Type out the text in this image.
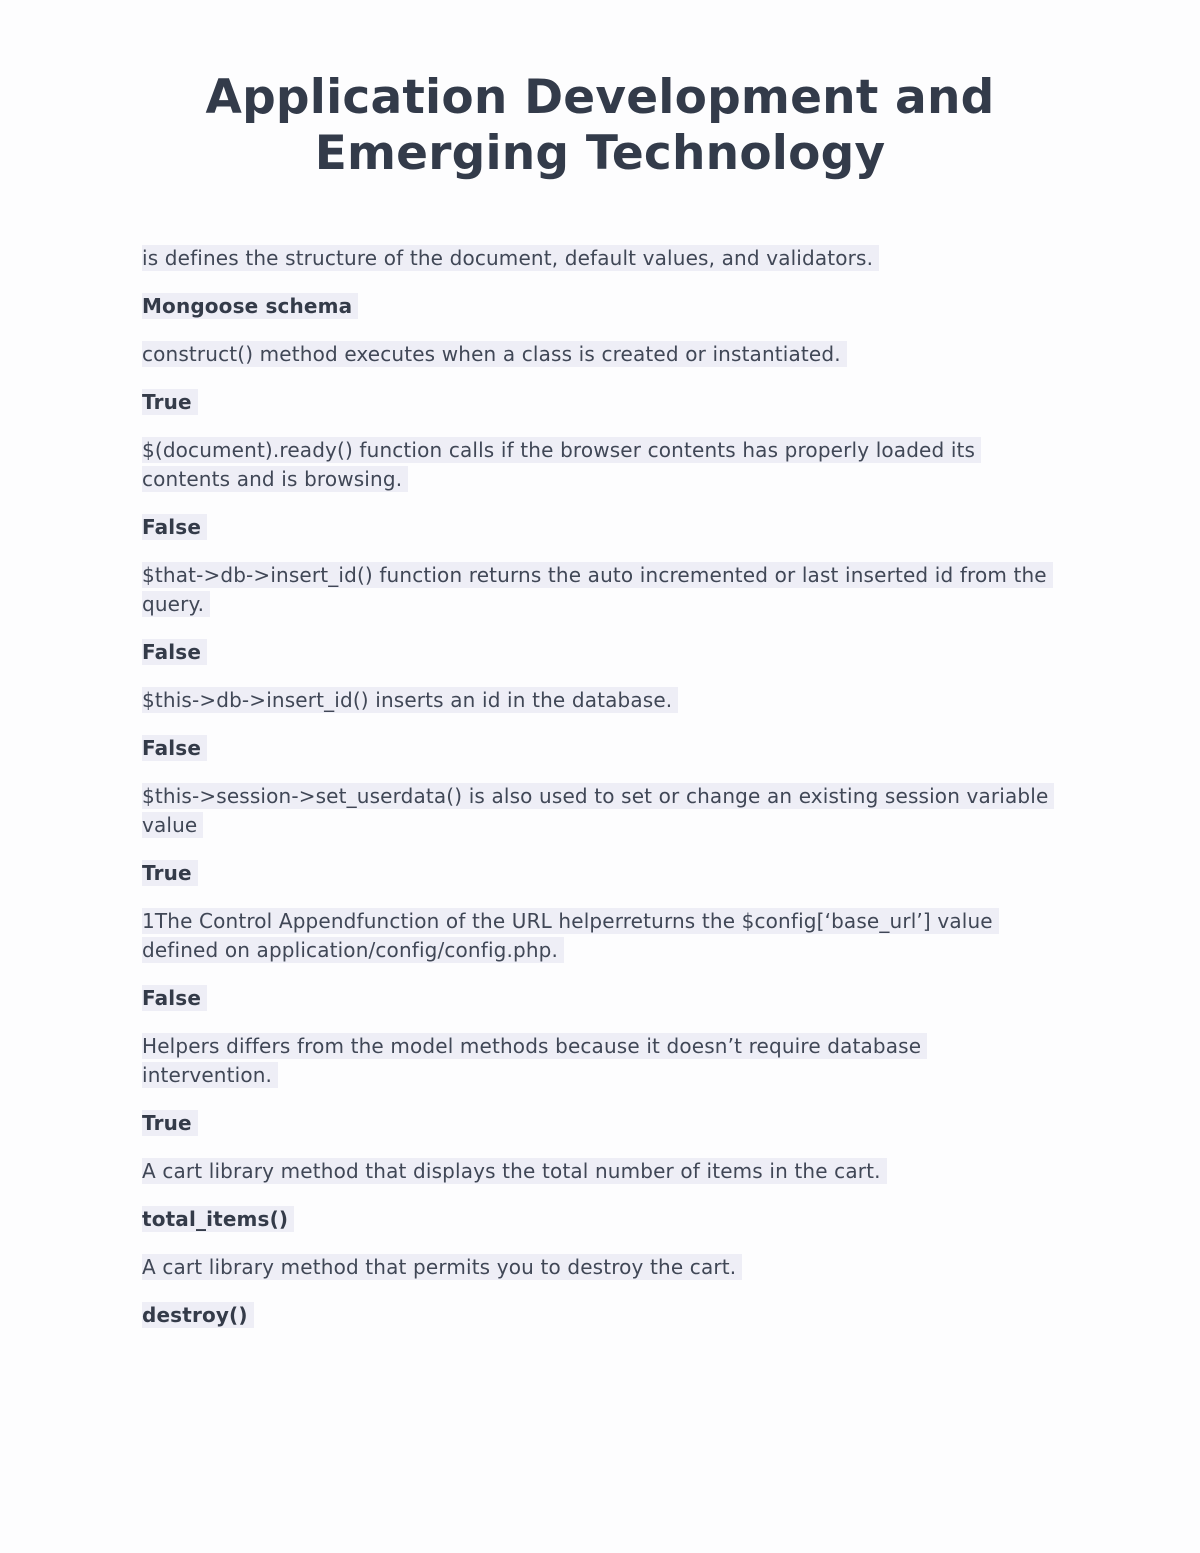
Application Development and
Emerging Technology

is defines the structure of the document, default values, and validators.

Mongoose schema

construct() method executes when a class is created or instantiated.

True

$(document).ready() function calls if the browser contents has properly loaded its contents and is browsing.

False

$that->db->insert_id() function returns the auto incremented or last inserted id from the query.

False

$this->db->insert_id() inserts an id in the database.

False

$this->session->set_userdata() is also used to set or change an existing session variable value

True

1The Control Appendfunction of the URL helperreturns the $config[‘base_url’] value defined on application/config/config.php.

False

Helpers differs from the model methods because it doesn’t require database intervention.

True

A cart library method that displays the total number of items in the cart.

total_items()

A cart library method that permits you to destroy the cart.

destroy()
